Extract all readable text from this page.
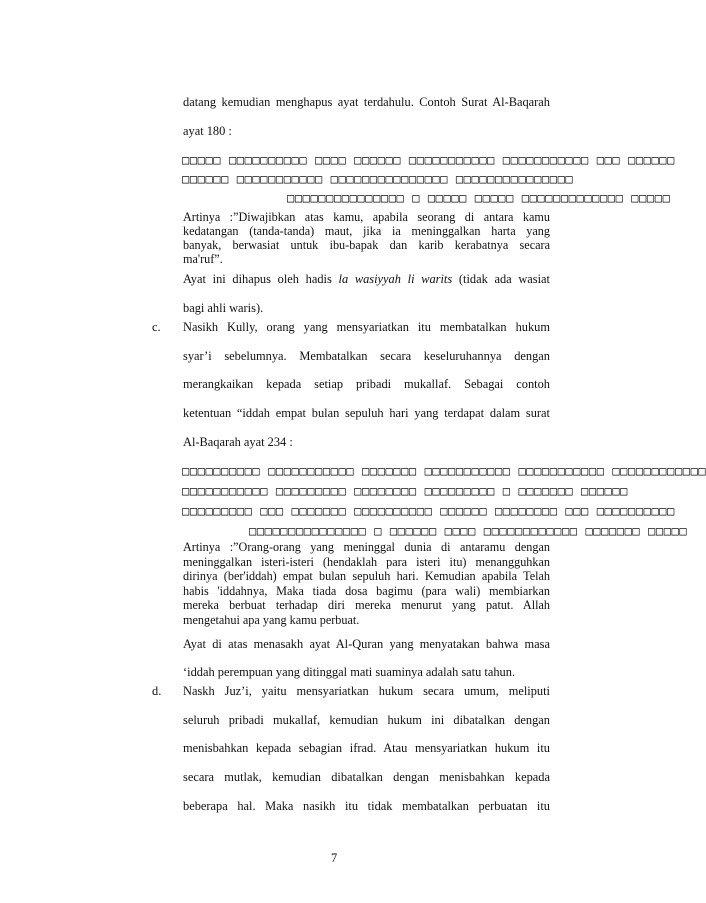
datang kemudian menghapus ayat terdahulu. Contoh Surat Al-Baqarah
ayat 180 :
□□□□□ □□□□□□□□□□ □□□□ □□□□□□ □□□□□□□□□□□ □□□□□□□□□□□ □□□ □□□□□□
□□□□□□ □□□□□□□□□□□ □□□□□□□□□□□□□□□ □□□□□□□□□□□□□□□
□□□□□□□□□□□□□□□ □ □□□□□ □□□□□ □□□□□□□□□□□□□ □□□□□
Artinya :”Diwajibkan atas kamu, apabila seorang di antara kamu
kedatangan (tanda-tanda) maut, jika ia meninggalkan harta yang
banyak, berwasiat untuk ibu-bapak dan karib kerabatnya secara
ma'ruf”.
Ayat ini dihapus oleh hadis la wasiyyah li warits (tidak ada wasiat
bagi ahli waris).
c. Nasikh Kully, orang yang mensyariatkan itu membatalkan hukum
syar’i sebelumnya. Membatalkan secara keseluruhannya dengan
merangkaikan kepada setiap pribadi mukallaf. Sebagai contoh
ketentuan “iddah empat bulan sepuluh hari yang terdapat dalam surat
Al-Baqarah ayat 234 :
□□□□□□□□□□ □□□□□□□□□□□ □□□□□□□ □□□□□□□□□□□ □□□□□□□□□□□ □□□□□□□□□□□□
□□□□□□□□□□□ □□□□□□□□□ □□□□□□□□ □□□□□□□□□ □ □□□□□□□ □□□□□□
□□□□□□□□□ □□□ □□□□□□□ □□□□□□□□□□ □□□□□□ □□□□□□□□ □□□ □□□□□□□□□□
□□□□□□□□□□□□□□□ □ □□□□□□ □□□□ □□□□□□□□□□□□ □□□□□□□ □□□□□
Artinya :”Orang-orang yang meninggal dunia di antaramu dengan
meninggalkan isteri-isteri (hendaklah para isteri itu) menangguhkan
dirinya (ber'iddah) empat bulan sepuluh hari. Kemudian apabila Telah
habis 'iddahnya, Maka tiada dosa bagimu (para wali) membiarkan
mereka berbuat terhadap diri mereka menurut yang patut. Allah
mengetahui apa yang kamu perbuat.
Ayat di atas menasakh ayat Al-Quran yang menyatakan bahwa masa
‘iddah perempuan yang ditinggal mati suaminya adalah satu tahun.
d. Naskh Juz’i, yaitu mensyariatkan hukum secara umum, meliputi
seluruh pribadi mukallaf, kemudian hukum ini dibatalkan dengan
menisbahkan kepada sebagian ifrad. Atau mensyariatkan hukum itu
secara mutlak, kemudian dibatalkan dengan menisbahkan kepada
beberapa hal. Maka nasikh itu tidak membatalkan perbuatan itu
7
